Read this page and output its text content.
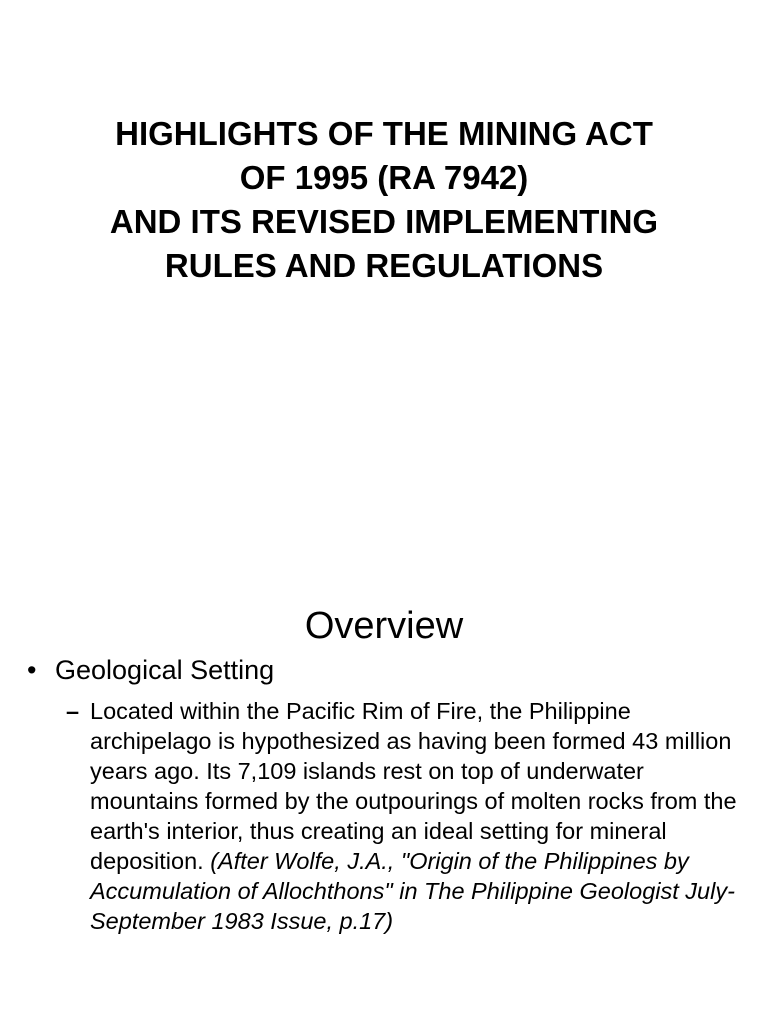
HIGHLIGHTS OF THE MINING ACT
OF 1995 (RA 7942)
AND ITS REVISED IMPLEMENTING
RULES AND REGULATIONS
Overview
• Geological Setting
– Located within the Pacific Rim of Fire, the Philippine archipelago is hypothesized as having been formed 43 million years ago. Its 7,109 islands rest on top of underwater mountains formed by the outpourings of molten rocks from the earth's interior, thus creating an ideal setting for mineral deposition. (After Wolfe, J.A., "Origin of the Philippines by Accumulation of Allochthons" in The Philippine Geologist July-September 1983 Issue, p.17)
